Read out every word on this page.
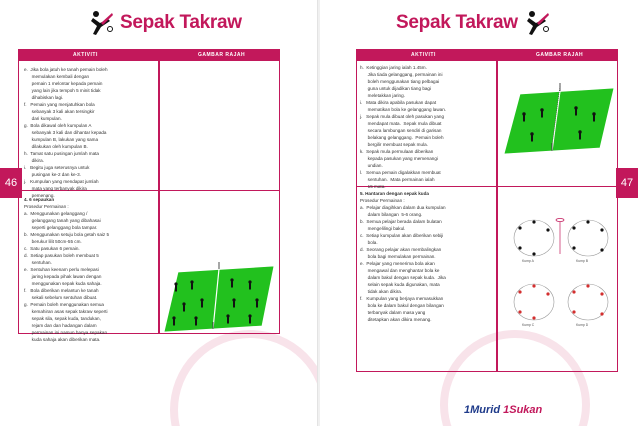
Sepak Takraw
AKTIVITI	GAMBAR RAJAH
46

e.  Jika bola jatuh ke tanah pemain boleh

memulakan kembali dengan

pemain 1 melontar kepada pemain

yang lain jika tempoh 5 minit tidak

dihabiskan lagi.

f.   Pemain yang menjatuhkan bola

sebanyak 3 kali akan tersingkir

dari kumpulan.

g.  Bola dikawal oleh kumpulan A

sebanyak 3 kali dan dihantar kepada

kumpulan B, lakukan yang sama

dilakukan oleh kumpulan B.

h.  Tamat satu pusingan jumlah mata

dikira.

i.   Begitu juga seterusnya untuk

pusingan ke-2 dan ke-3.

j.   Kumpulan yang mendapat jumlah

mata yang terbanyak dikira

pemenang.

4. 6 sepaukan

Prosedur Permainan :

a.  Menggunakan gelanggang /

gelanggang tanah yang dibahasai

seperti gelanggang bola tampar.

b.  Menggunakan setuju bola getah saiz 5

berukur lilit 50cm-55 cm.

c.  Satu pasukan 6 pemain.

d.  Setiap pasukan boleh membuat 5

sentuhan.

e.  Sentuhan keenam perlu melepasi

jaring kepada pihak lawan dengan

menggunakan sepak kuda sahaja.

f.   Bola diberikan melantun ke tanah

sekali sebelum sentuhan dibuat.

g.  Pemain boleh menggunakan semua

kemahiran asas sepak takraw seperti

sepak sila, sepak kuda, tandukan,

rejam dan dan hadangan dalam

permainan ini namun hanya sepakan

kuda sahaja akan diberikan mata.

Sepak Takraw
AKTIVITI	GAMBAR RAJAH
47

h.  Ketinggian jaring ialah 1.45m.

Jika tiada gelanggang, permainan ini

boleh menggunakan tiang pelbagai

guna untuk dijadikan tiang bagi

meletakkan jaring.

i.   Mata dikira apabila pasukan dapat

mematikan bola ke gelanggang lawan.

j.   Sepak mula dibuat oleh pasukan yang

mendapat mata.  Sepak mula dibuat

secara lambungan sendiri di garisan

belakang gelanggang.  Pemain boleh

bergilir membuat sepak mula.

k.  Sepak mula permulaan diberikan

kepada pasukan yang memenangi

undian.

l.   Semua pemain digalakkan membuat

sentuhan.  Mata permainan ialah

15 mata.

5. Hantaran dengan sepak kuda

Prosedur Permainan :

a.  Pelajar diagihkan dalam dua kumpulan

dalam bilangan  5-6 orang.

b.  Semua pelajar berada dalam bulatan

mengelilingi bakul.

c.  Setiap kumpulan akan diberikan sebiji

bola.

d.  Seorang pelajar akan membalingkan

bola bagi memulakan permainan.

e.  Pelajar yang menerima bola akan

mengawal dan menghantar bola ke

dalam bakul dengan sepak kuda.  Jika

selain sepak kuda digunakan, mata

tidak akan dikira.

f.   Kumpulan yang berjaya memasukkan

bola ke dalam bakul dengan bilangan

terbanyak dalam masa yang

ditetapkan akan dikira menang.

Kump A	Kump B
Kump C	Kump D
1Murid 1Sukan
